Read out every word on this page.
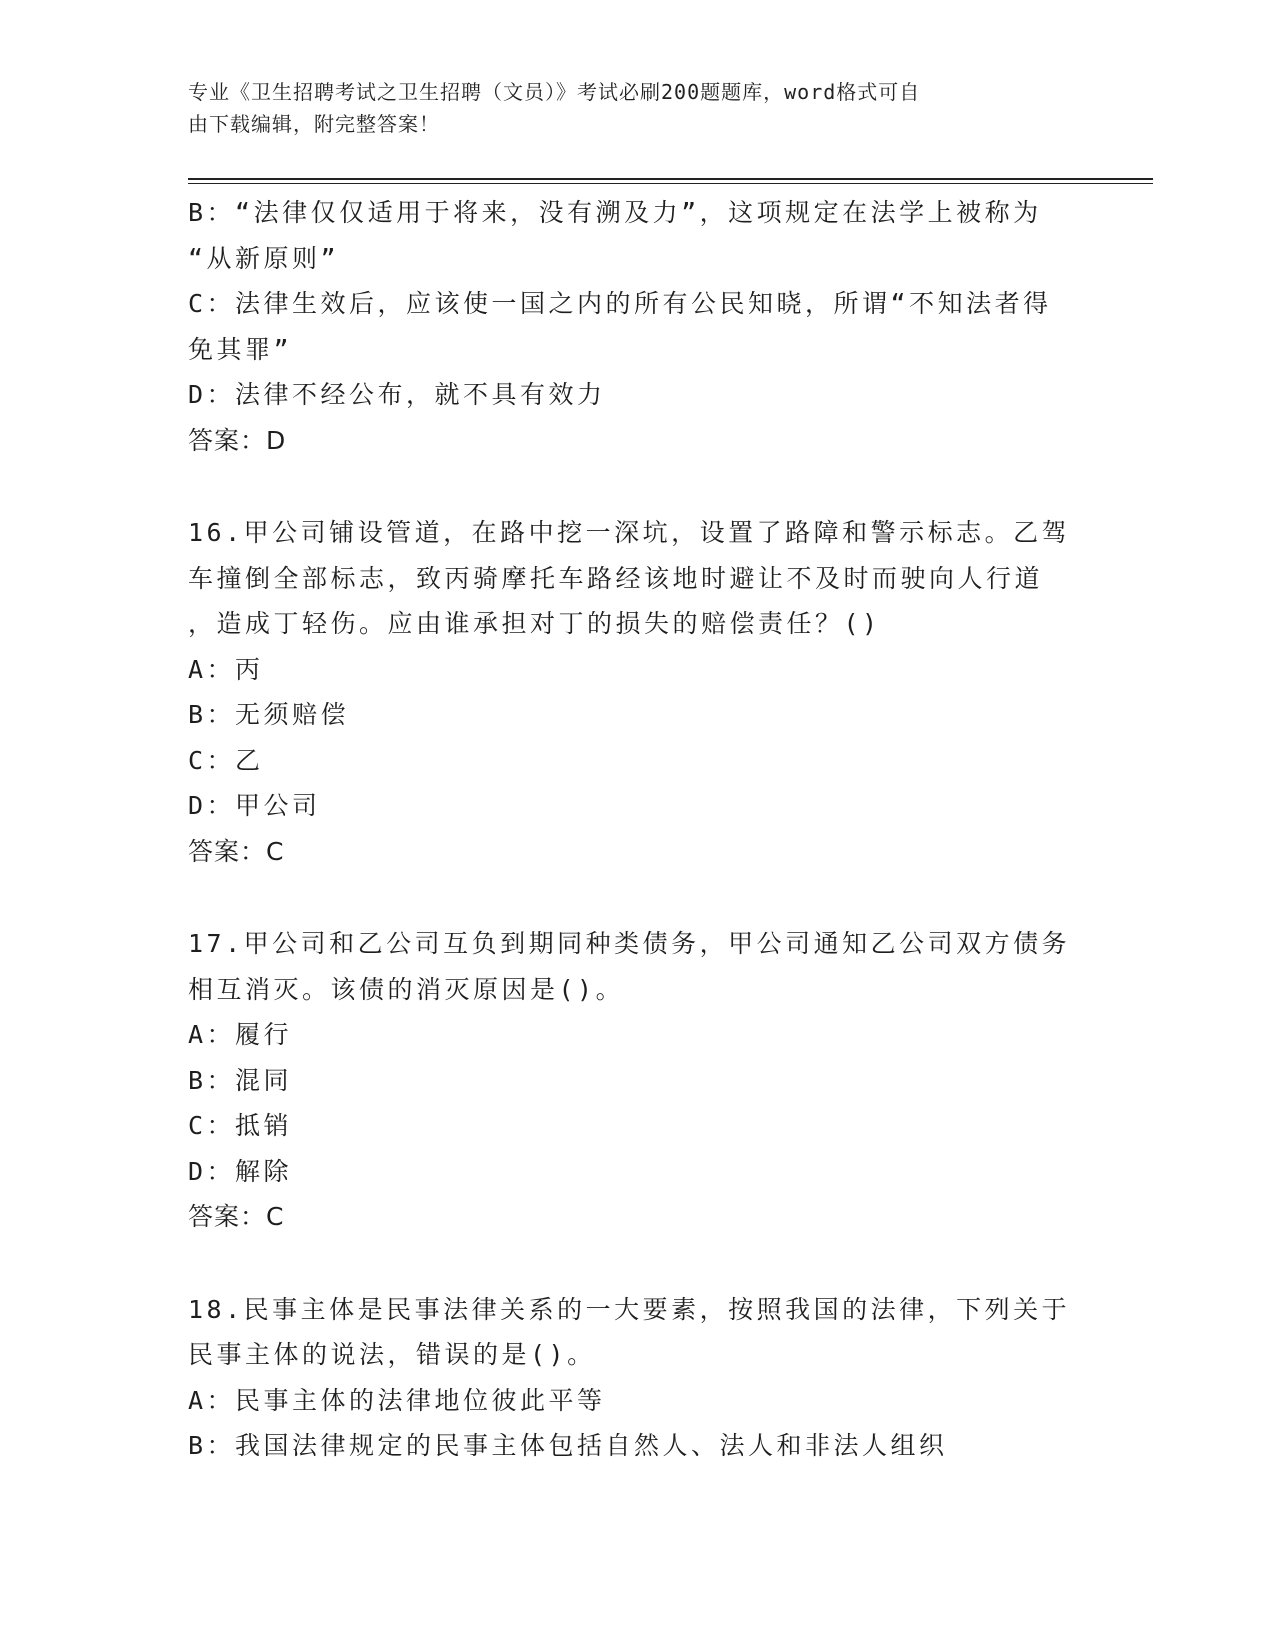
专业《卫生招聘考试之卫生招聘（文员）》考试必刷200题题库，word格式可自
由下载编辑，附完整答案！
B：“法律仅仅适用于将来，没有溯及力”，这项规定在法学上被称为
“从新原则”
C：法律生效后，应该使一国之内的所有公民知晓，所谓“不知法者得
免其罪”
D：法律不经公布，就不具有效力
答案：D
16.甲公司铺设管道，在路中挖一深坑，设置了路障和警示标志。乙驾
车撞倒全部标志，致丙骑摩托车路经该地时避让不及时而驶向人行道
，造成丁轻伤。应由谁承担对丁的损失的赔偿责任？()
A：丙
B：无须赔偿
C：乙
D：甲公司
答案：C
17.甲公司和乙公司互负到期同种类债务，甲公司通知乙公司双方债务
相互消灭。该债的消灭原因是()。
A：履行
B：混同
C：抵销
D：解除
答案：C
18.民事主体是民事法律关系的一大要素，按照我国的法律，下列关于
民事主体的说法，错误的是()。
A：民事主体的法律地位彼此平等
B：我国法律规定的民事主体包括自然人、法人和非法人组织
